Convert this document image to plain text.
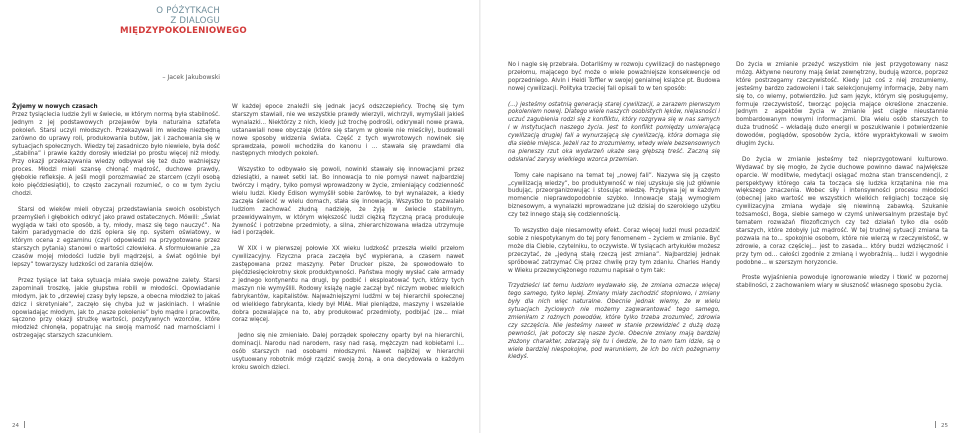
O PÓŻYTKACH
Z DIALOGU
MIĘDZYPOKOLENIOWEGO
– Jacek Jakubowski

Żyjemy w nowych czasach

Przez tysiąclecia ludzie żyli w świecie, w którym normą była stabilność. Jednym z jej podstawowych przejawów była naturalna sztafeta pokoleń. Starsi uczyli młodszych. Przekazywali im wiedzę niezbędną zarówno do uprawy roli, produkowania butów, jak i zachowania się w sytuacjach społecznych. Wiedzy tej zasadniczo było niewiele, była dość „stabilna” i prawie każdy dorosły wiedział po prostu więcej niż młody. Przy okazji przekazywania wiedzy odbywał się też dużo ważniejszy proces. Młodzi mieli szansę chłonąć mądrość, duchowe prawdy, głębokie refleksje. A jeśli mogli porozmawiać ze starcem (czyli osobą koło pięćdziesiątki), to często zaczynali rozumieć, o co w tym życiu chodzi.

Starsi od wieków mieli obyczaj przedstawiania swoich osobistych przemyśleń i głębokich odkryć jako prawd ostatecznych. Mówili: „Świat wygląda w taki oto sposób, a ty, młody, masz się tego nauczyć”. Na takim paradygmacie do dziś opiera się np. system oświatowy, w którym ocena z egzaminu (czyli odpowiedzi na przygotowane przez starszych pytania) stanowi o wartości człowieka. A sformułowanie „za czasów mojej młodości ludzie byli mądrzejsi, a świat ogólnie był lepszy” towarzyszy ludzkości od zarania dziejów.

Przez tysiące lat taka sytuacja miała swoje poważne zalety. Starsi zapominali troszkę, jakie głupstwa robili w młodości. Opowiadanie młodym, jak to „drzewiej czasy były lepsze, a obecna młodzież to jakaś dzicz i skretyniałe”, zaczęło się chyba już w jaskiniach. I właśnie opowiadając młodym, jak to „nasze pokolenie” było mądre i pracowite, sączono przy okazji strużkę wartości, pozytywnych wzorców, które młodzież chłonęła, popatrując na swoją marność nad marnościami i ostrzegając starszych szacunkiem.

W każdej epoce znaleźli się jednak jacyś odszczepieńcy. Trochę się tym starszym stawiali, nie we wszystkie prawdy wierzyli, wichrzyli, wymyślali jakieś wynalazki... Niektórzy z nich, kiedy już trochę podrośli, odkrywali nowe prawa, ustanawiali nowe obyczaje (które się starym w głowie nie mieściły), budowali nowe sposoby widzenia świata. Część z tych wywrotowych nowinek się sprawdzała, powoli wchodziła do kanonu i ... stawała się prawdami dla następnych młodych pokoleń.

Wszystko to odbywało się powoli, nowinki stawały się innowacjami przez dziesiątki, a nawet setki lat. Bo innowacja to nie pomysł nawet najbardziej twórczy i mądry, tylko pomysł wprowadzony w życie, zmieniający codzienność wielu ludzi. Kiedy Edison wymyślił sobie żarówkę, to był wynalazek, a kiedy zaczęła świecić w wielu domach, stała się innowacją. Wszystko to pozwalało ludziom zachować złudną nadzieję, że żyją w świecie stabilnym, przewidywalnym, w którym większość ludzi ciężką fizyczną pracą produkuje żywność i potrzebne przedmioty, a silna, zhierarchizowana władza utrzymuje ład i porządek.

W XIX i w pierwszej połowie XX wieku ludzkość przeszła wielki przełom cywilizacyjny. Fizyczna praca zaczęła być wypierana, a czasem nawet zastępowana przez maszyny. Peter Drucker pisze, że spowodowało to pięćdziesięciokrotny skok produktywności. Państwa mogły wysłać całe armady z jednego kontynentu na drugi, by podbić i eksploatować tych, którzy tych maszyn nie wymyślili. Rodowy książę nagle zaczął być niczym wobec wielkich fabrykantów, kapitalistów. Najważniejszymi ludźmi w tej hierarchii społecznej od wielkiego fabrykanta, kiedy był MIAŁ. Miał pieniądze, maszyny i wszelakie dobra pozwalające na to, aby produkować przedmioty, podbijać (ze... miał coraz więcej.

Jedno się nie zmieniało. Dalej porządek społeczny oparty był na hierarchii, dominacji. Narodu nad narodem, rasy nad rasą, mężczyzn nad kobietami i... osób starszych nad osobami młodszymi. Nawet najbiżej w hierarchii usytuowany robotnik mógł rządzić swoją żoną, a ona decydowała o każdym kroku swoich dzieci.

No i nagle się przebrała. Dotarliśmy w rozwoju cywilizacji do następnego przełomu, mającego być może o wiele poważniejsze konsekwencje od poprzedniego. Alvin i Heidi Toffler w swojej genialnej książce pt. Budowa nowej cywilizacji. Polityka trzeciej fali opisali to w ten sposób:

(...) jesteśmy ostatnią generacją starej cywilizacji, a zarazem pierwszym pokoleniem nowej. Dlatego wiele naszych osobistych lęków, niejasności i uczuć zagubienia rodzi się z konfliktu, który rozgrywa się w nas samych i w instytucjach naszego życia. Jest to konflikt pomiędzy umierającą cywilizacją drugiej fali a wynurzającą się cywilizacją, która domaga się dla siebie miejsca. Jeżeli raz to zrozumiemy, wtedy wiele bezsensownych na pierwszy rzut oka wydarzeń ukaże swą głębszą treść. Zaczną się odsłaniać zarysy wielkiego wzorca przemian.

Tomy całe napisano na temat tej „nowej fali”. Nazywa się ją często „cywilizacją wiedzy”, bo produktywność w niej uzyskuje się już głównie budując, przeorganizowując i stosując wiedzę. Przybywa jej w każdym momencie nieprawdopodobnie szybko. Innowacje stają wymogiem biznesowym, a wynalazki wprowadzane już dzisiaj do szerokiego użytku czy też innego stają się codziennością.

To wszystko daje niesamowity efekt. Coraz więcej ludzi musi pozadzić sobie z niespotykanym do tej pory fenomenem – życiem w zmianie. Być może dla Ciebie, czytelniku, to oczywiste. W tysiącach artykułów możesz przeczytać, że „jedyną stałą rzeczą jest zmiana”. Najbardziej jednak spróbować zatrzymać Cię przez chwilę przy tym zdaniu. Charles Handy w Wieku przezwyciężonego rozumu napisał o tym tak:

Trzydzieści lat temu ludziom wydawało się, że zmiana oznacza więcej tego samego, tylko lepiej. Zmiany miały zachodzić stopniowo, i zmiany były dla nich więc naturalne. Obecnie jednak wiemy, że w wielu sytuacjach życiowych nie możemy zagwarantować tego samego, zmieniłam z rożnych powodów, które tylko trzeba zrozumieć, zdrowia czy szczęścia. Nie jesteśmy nawet w stanie przewidzieć z dużą dozą pewności, jak potoczy się nasze życie. Obecnie zmiany mają bardziej złożony charakter, zdarzają się tu i ówdzie, że to nam tam idzie, są o wiele bardziej niespokojne, pod warunkiem, że ich bo nich pożegnamy kiedyś.

Do życia w zmianie przeżyć wszystkim nie jest przygotowany nasz mózg. Aktywne neurony mają świat zewnętrzny, budują wzorce, poprzez które postrzegamy rzeczywistość. Kiedy już coś z niej zrozumiemy, jesteśmy bardzo zadowoleni i tak selekcjonujemy informacje, żeby nam się to, co wiemy, potwierdziło. Już sam język, którym się posługujemy, formuje rzeczywistość, tworząc pojęcia mające określone znaczenie. Jednym z aspektów życia w zmianie jest ciągłe nieustannie bombardowanym nowymi informacjami. Dla wielu osób starszych to duża trudność – wkładają dużo energii w poszukiwanie i potwierdzenie dowodów, poglądów, sposobów życia, które wypraktykowali w swoim długim życiu.

Do życia w zmianie jesteśmy też nieprzygotowani kulturowo. Wydawać by się mogło, że życie duchowe powinno dawać największe oparcie. W modlitwie, medytacji osiągać można stan transcendencji, z perspektywy którego cała ta tocząca się ludzka krzątanina nie ma większego znaczenia. Wobec siły i intensywności procesu młodości (obecnej jako wartość we wszystkich wielkich religiach) toczące się cywilizacyjna zmiana wydaje się niewinną zabawką. Szukanie tożsamości, Boga, siebie samego w czymś uniwersalnym przestaje być tematem rozważań filozoficznych czy też działań tylko dla osób starszych, które zdobyły już mądrość. W tej trudnej sytuacji zmiana ta pozwala na to... spokojnie osobom, które nie wierzą w rzeczywistość, w zdrowie, a coraz częściej... jest to zasada... który budzi wdzięczność i przy tym od... całości zgodnie z zmianą i wyobraźnią... ludzi i wygodnie podobne... w szerszym horyzoncie.

Proste wyjaśnienia powoduje ignorowanie wiedzy i tkwić w pozornej stabilności, z zachowaniem wiary w słuszność własnego sposobu życia.

24	25
